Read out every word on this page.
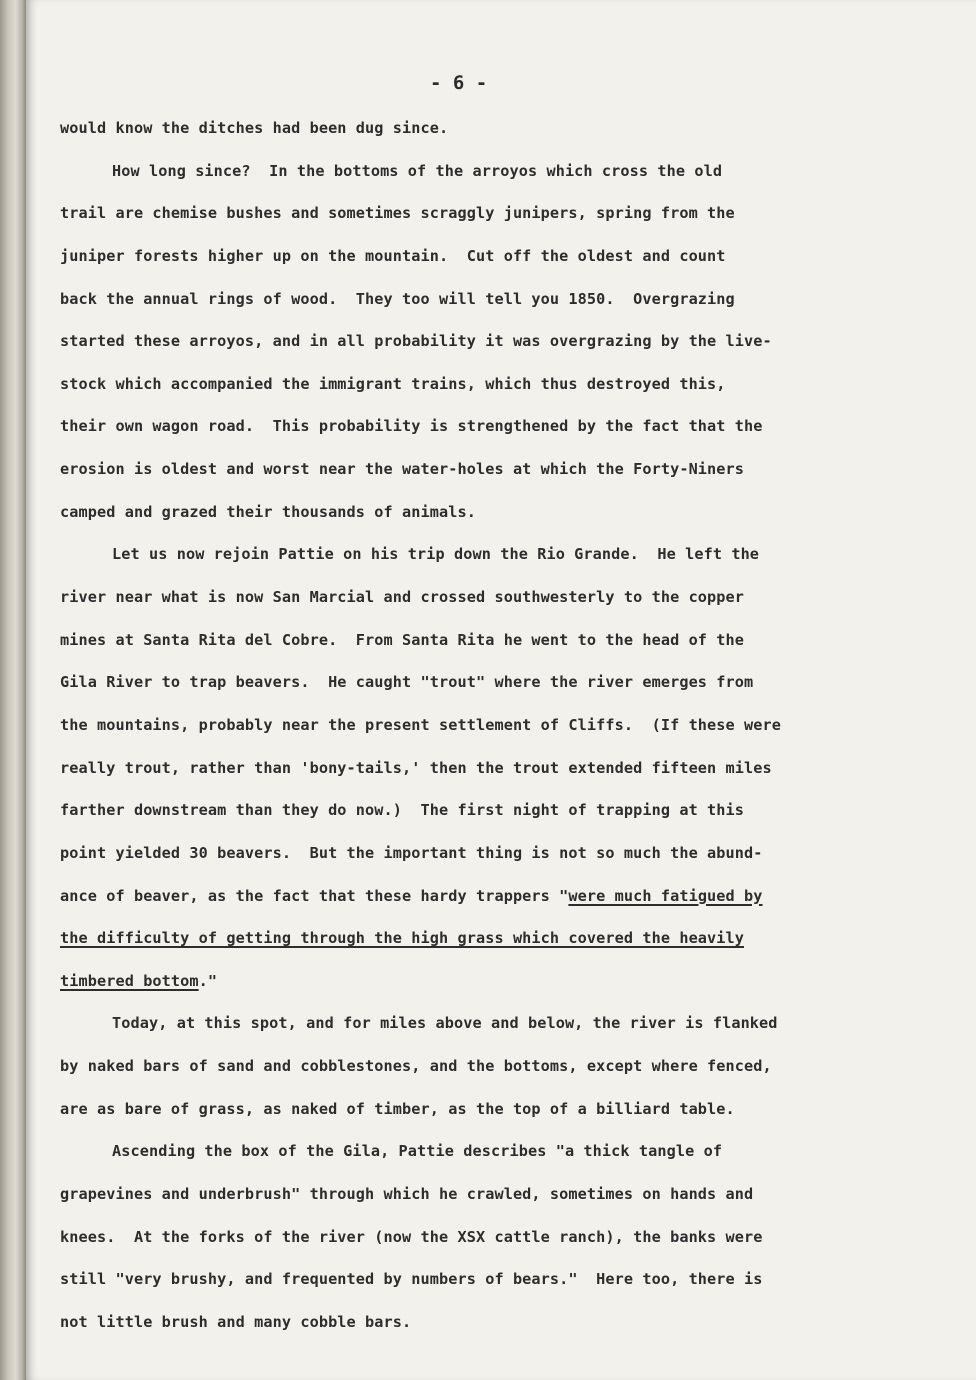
- 6 -
would know the ditches had been dug since.
How long since?  In the bottoms of the arroyos which cross the old
trail are chemise bushes and sometimes scraggly junipers, spring from the
juniper forests higher up on the mountain.  Cut off the oldest and count
back the annual rings of wood.  They too will tell you 1850.  Overgrazing
started these arroyos, and in all probability it was overgrazing by the live-
stock which accompanied the immigrant trains, which thus destroyed this,
their own wagon road.  This probability is strengthened by the fact that the
erosion is oldest and worst near the water-holes at which the Forty-Niners
camped and grazed their thousands of animals.
Let us now rejoin Pattie on his trip down the Rio Grande.  He left the
river near what is now San Marcial and crossed southwesterly to the copper
mines at Santa Rita del Cobre.  From Santa Rita he went to the head of the
Gila River to trap beavers.  He caught "trout" where the river emerges from
the mountains, probably near the present settlement of Cliffs.  (If these were
really trout, rather than 'bony-tails,' then the trout extended fifteen miles
farther downstream than they do now.)  The first night of trapping at this
point yielded 30 beavers.  But the important thing is not so much the abund-
ance of beaver, as the fact that these hardy trappers "were much fatigued by
the difficulty of getting through the high grass which covered the heavily
timbered bottom."
Today, at this spot, and for miles above and below, the river is flanked
by naked bars of sand and cobblestones, and the bottoms, except where fenced,
are as bare of grass, as naked of timber, as the top of a billiard table.
Ascending the box of the Gila, Pattie describes "a thick tangle of
grapevines and underbrush" through which he crawled, sometimes on hands and
knees.  At the forks of the river (now the XSX cattle ranch), the banks were
still "very brushy, and frequented by numbers of bears."  Here too, there is
not little brush and many cobble bars.
